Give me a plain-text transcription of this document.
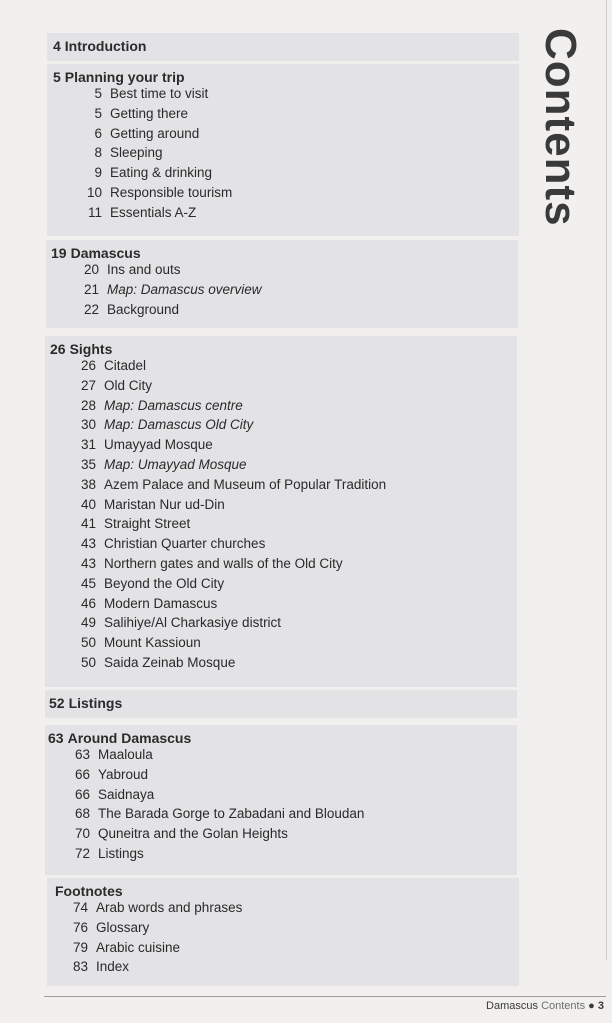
Contents
4 Introduction
5 Planning your trip
5 Best time to visit
5 Getting there
6 Getting around
8 Sleeping
9 Eating & drinking
10 Responsible tourism
11 Essentials A-Z
19 Damascus
20 Ins and outs
21 Map: Damascus overview
22 Background
26 Sights
26 Citadel
27 Old City
28 Map: Damascus centre
30 Map: Damascus Old City
31 Umayyad Mosque
35 Map: Umayyad Mosque
38 Azem Palace and Museum of Popular Tradition
40 Maristan Nur ud-Din
41 Straight Street
43 Christian Quarter churches
43 Northern gates and walls of the Old City
45 Beyond the Old City
46 Modern Damascus
49 Salihiye/Al Charkasiye district
50 Mount Kassioun
50 Saida Zeinab Mosque
52 Listings
63 Around Damascus
63 Maaloula
66 Yabroud
66 Saidnaya
68 The Barada Gorge to Zabadani and Bloudan
70 Quneitra and the Golan Heights
72 Listings
Footnotes
74 Arab words and phrases
76 Glossary
79 Arabic cuisine
83 Index
Damascus Contents ● 3
